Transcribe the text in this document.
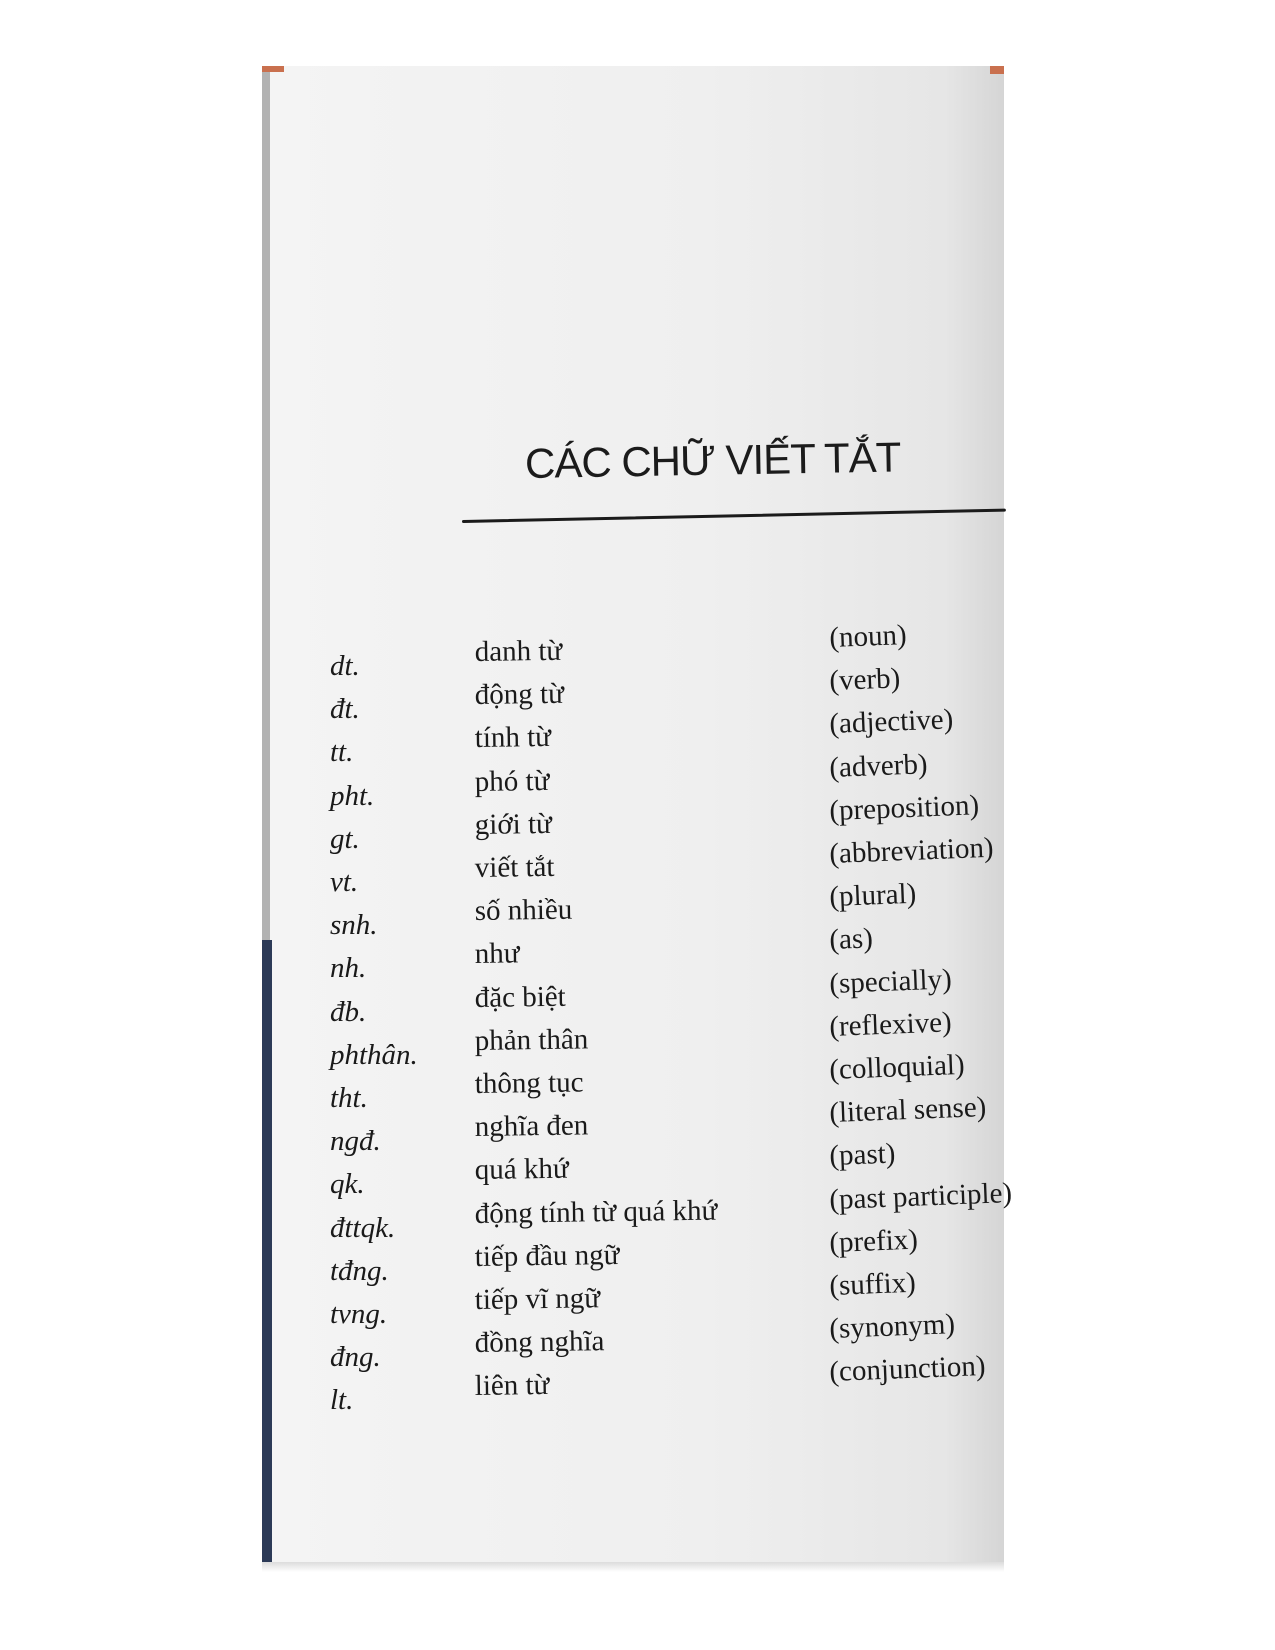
CÁC CHỮ VIẾT TẮT
dt.	danh từ	(noun)
đt.	động từ	(verb)
tt.	tính từ	(adjective)
pht.	phó từ	(adverb)
gt.	giới từ	(preposition)
vt.	viết tắt	(abbreviation)
snh.	số nhiều	(plural)
nh.	như	(as)
đb.	đặc biệt	(specially)
phthân. phản thân	(reflexive)
tht.	thông tục	(colloquial)
ngđ.	nghĩa đen	(literal sense)
qk.	quá khứ	(past)
đttqk.	động tính từ quá khứ	(past participle)
tđng.	tiếp đầu ngữ	(prefix)
tvng.	tiếp vĩ ngữ	(suffix)
đng.	đồng nghĩa	(synonym)
lt.	liên từ	(conjunction)
